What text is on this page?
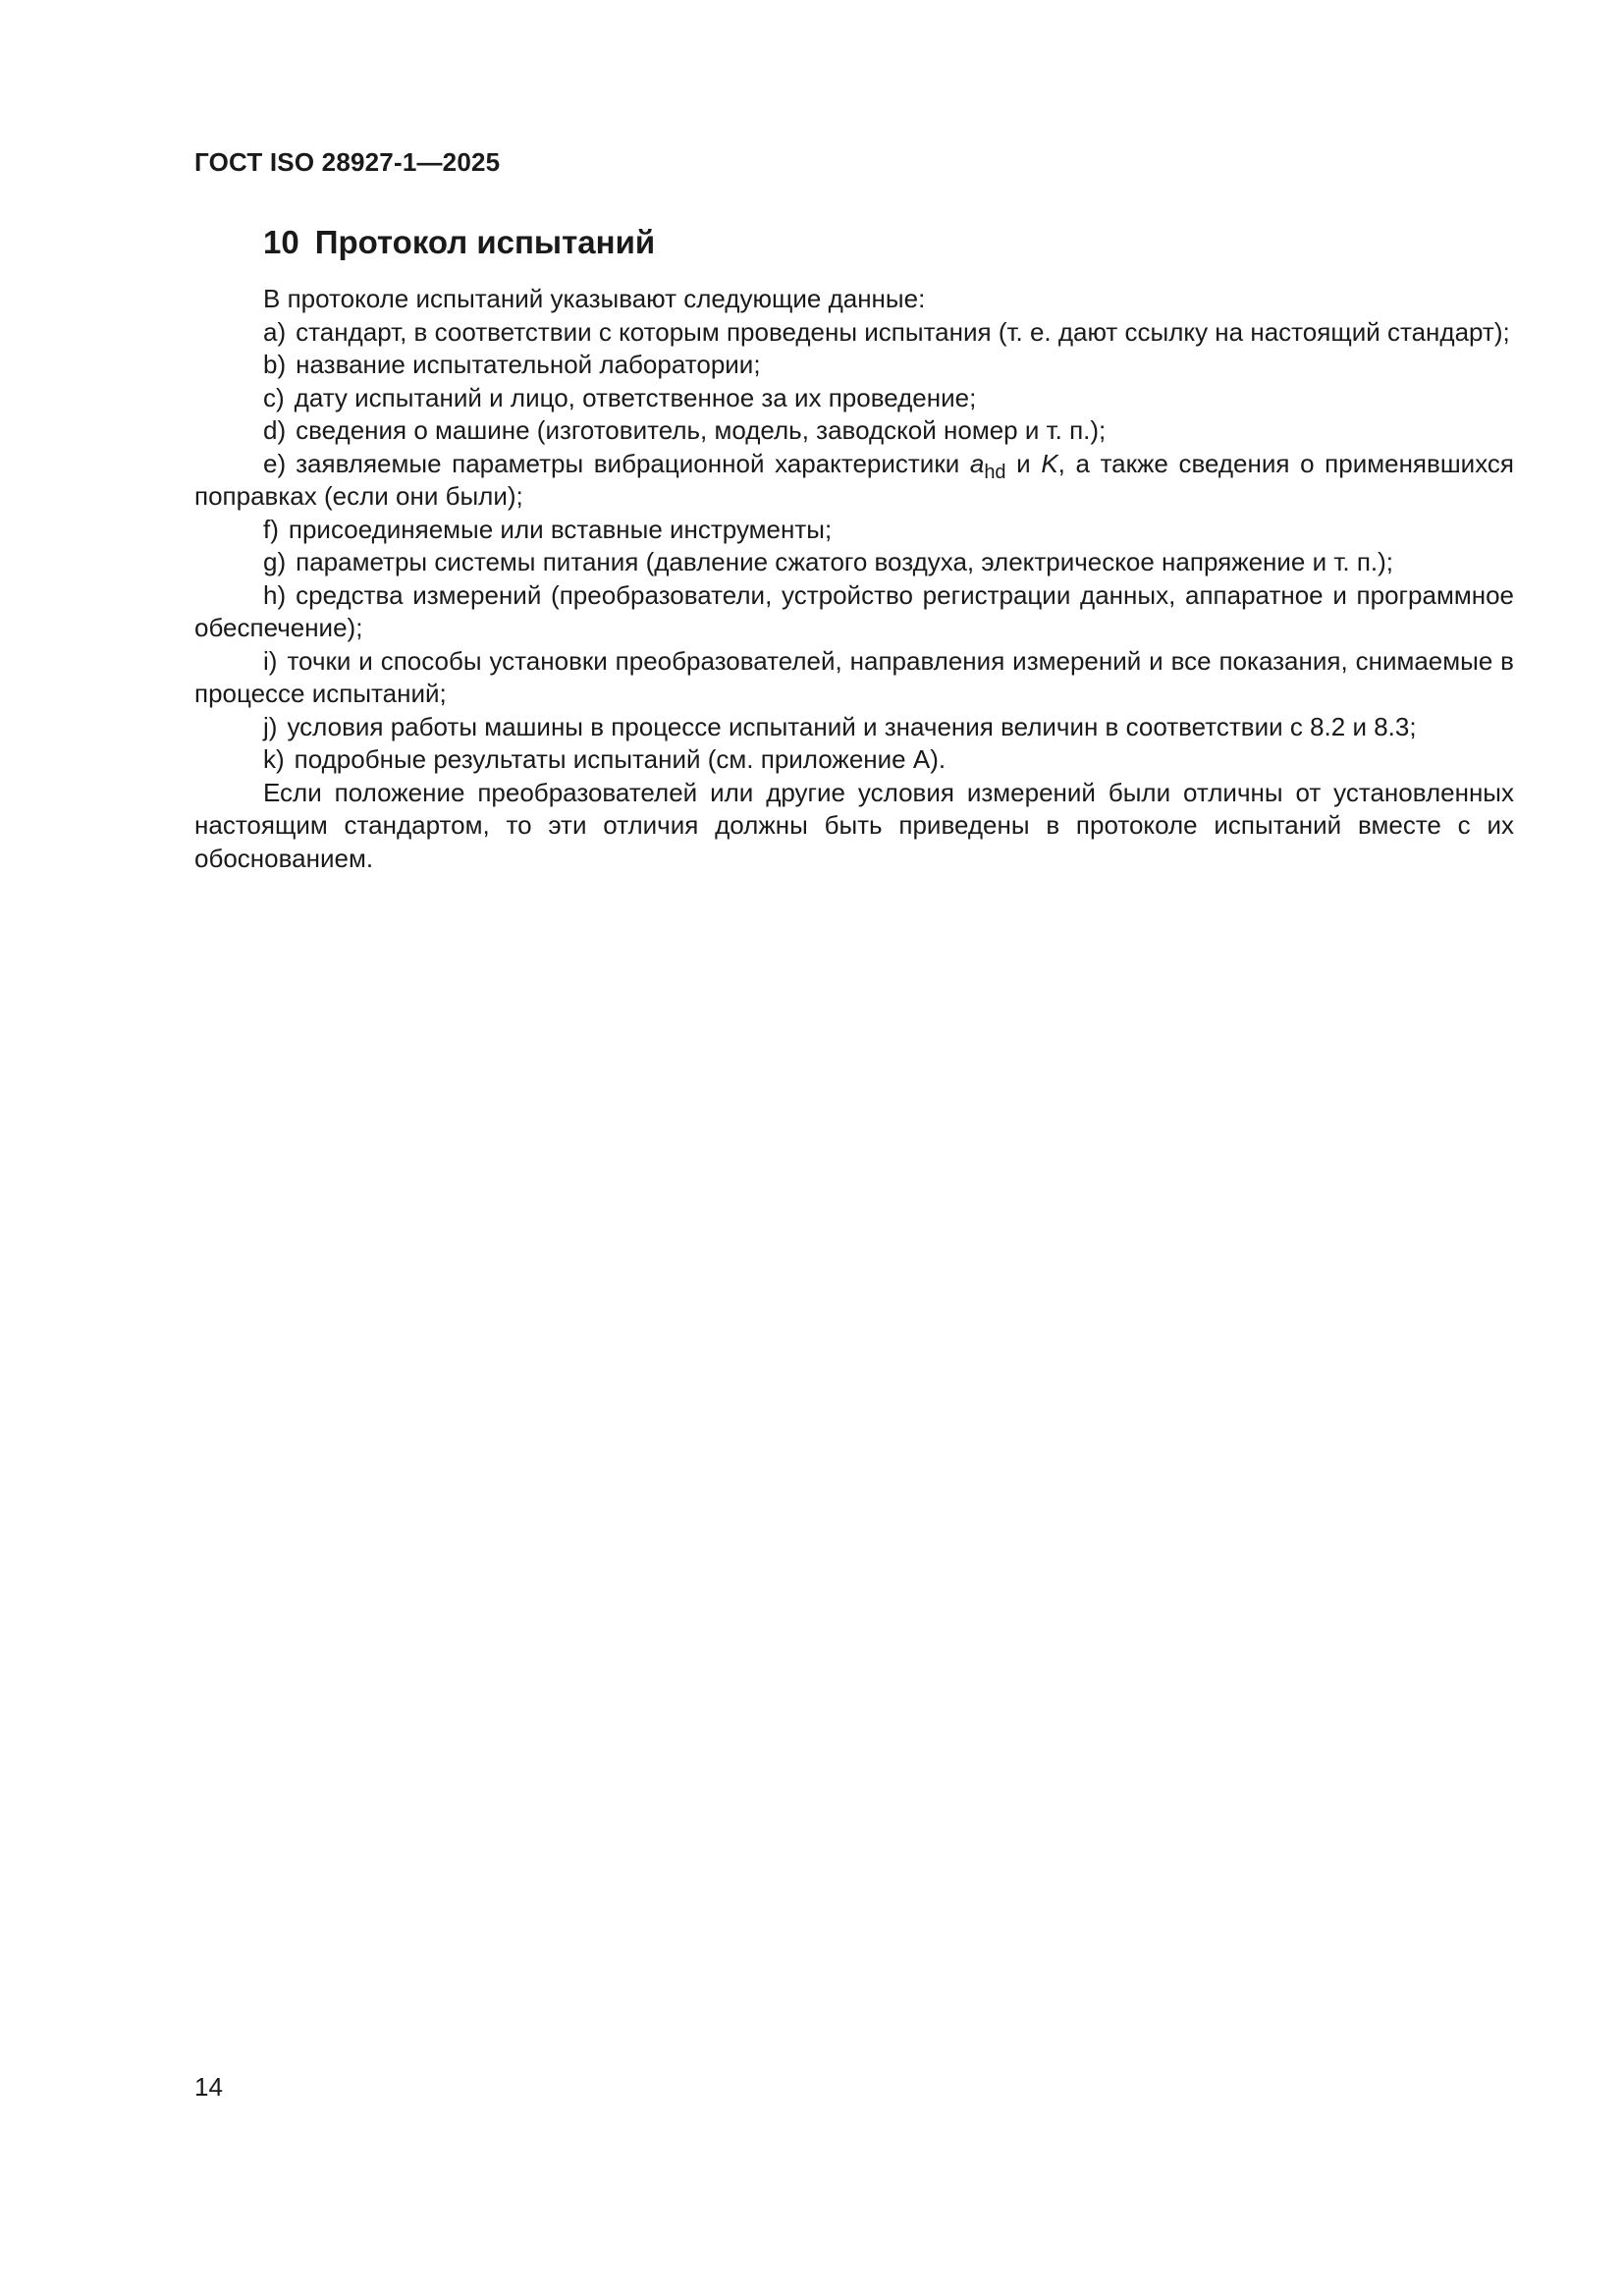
ГОСТ ISO 28927-1—2025
10 Протокол испытаний

В протоколе испытаний указывают следующие данные:

a) стандарт, в соответствии с которым проведены испытания (т. е. дают ссылку на настоящий стандарт);

b) название испытательной лаборатории;

c) дату испытаний и лицо, ответственное за их проведение;

d) сведения о машине (изготовитель, модель, заводской номер и т. п.);

e) заявляемые параметры вибрационной характеристики $a_{hd}$ и K, а также сведения о применявшихся поправках (если они были);

f) присоединяемые или вставные инструменты;

g) параметры системы питания (давление сжатого воздуха, электрическое напряжение и т. п.);

h) средства измерений (преобразователи, устройство регистрации данных, аппаратное и программное обеспечение);

i) точки и способы установки преобразователей, направления измерений и все показания, снимаемые в процессе испытаний;

j) условия работы машины в процессе испытаний и значения величин в соответствии с 8.2 и 8.3;

k) подробные результаты испытаний (см. приложение А).

Если положение преобразователей или другие условия измерений были отличны от установленных настоящим стандартом, то эти отличия должны быть приведены в протоколе испытаний вместе с их обоснованием.

14
